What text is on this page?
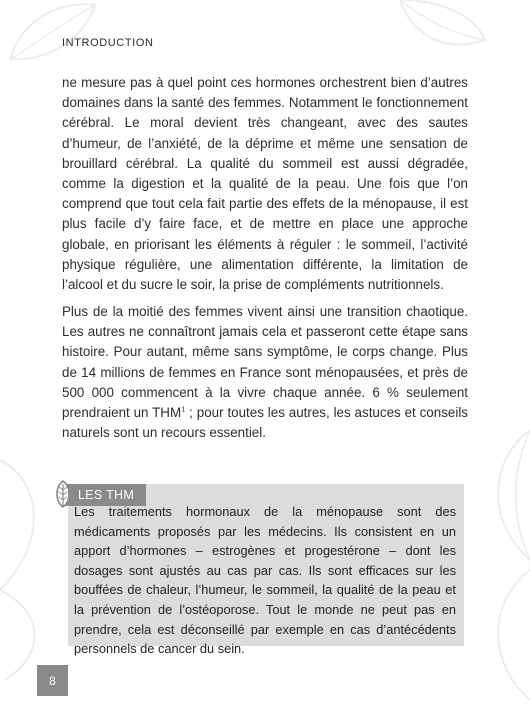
INTRODUCTION

ne mesure pas à quel point ces hormones orchestrent bien d’autres domaines dans la santé des femmes. Notamment le fonctionnement cérébral. Le moral devient très changeant, avec des sautes d’humeur, de l’anxiété, de la déprime et même une sensation de brouillard cérébral. La qualité du sommeil est aussi dégradée, comme la digestion et la qualité de la peau. Une fois que l’on comprend que tout cela fait partie des effets de la ménopause, il est plus facile d’y faire face, et de mettre en place une approche globale, en priorisant les éléments à réguler : le sommeil, l’activité physique régulière, une alimentation différente, la limitation de l’alcool et du sucre le soir, la prise de compléments nutritionnels.

Plus de la moitié des femmes vivent ainsi une transition chaotique. Les autres ne connaîtront jamais cela et passeront cette étape sans histoire. Pour autant, même sans symptôme, le corps change. Plus de 14 millions de femmes en France sont ménopausées, et près de 500 000 commencent à la vivre chaque année. 6 % seulement prendraient un THM$^1$ ; pour toutes les autres, les astuces et conseils naturels sont un recours essentiel.

LES THM

Les traitements hormonaux de la ménopause sont des médicaments proposés par les médecins. Ils consistent en un apport d’hormones – estrogènes et progestérone – dont les dosages sont ajustés au cas par cas. Ils sont efficaces sur les bouffées de chaleur, l’humeur, le sommeil, la qualité de la peau et la prévention de l’ostéoporose. Tout le monde ne peut pas en prendre, cela est déconseillé par exemple en cas d’antécédents personnels de cancer du sein.

8
